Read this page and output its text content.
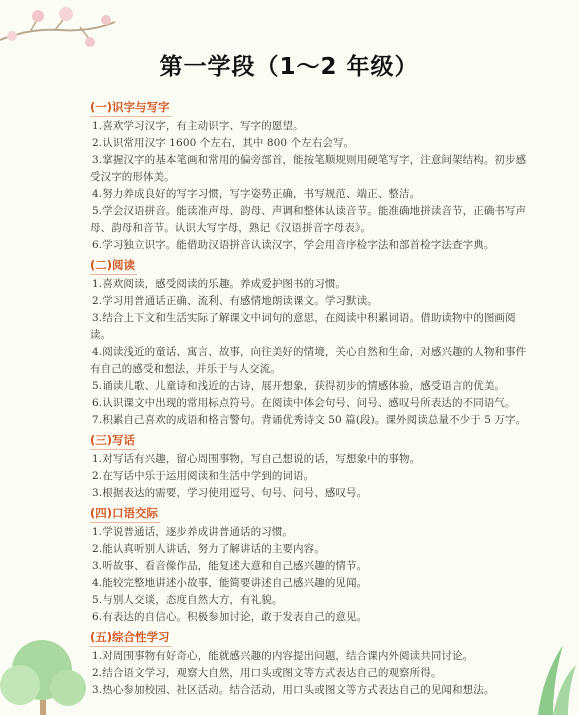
第一学段（1～2 年级）
(一)识字与写字

1.喜欢学习汉字，有主动识字、写字的愿望。

2.认识常用汉字 1600 个左右，其中 800 个左右会写。

3.掌握汉字的基本笔画和常用的偏旁部首，能按笔顺规则用硬笔写字，注意间架结构。初步感受汉字的形体美。

4.努力养成良好的写字习惯，写字姿势正确，书写规范、端正、整洁。

5.学会汉语拼音。能读准声母、韵母、声调和整体认读音节。能准确地拼读音节，正确书写声母、韵母和音节。认识大写字母，熟记《汉语拼音字母表》。

6.学习独立识字。能借助汉语拼音认读汉字，学会用音序检字法和部首检字法查字典。

(二)阅读

1.喜欢阅读，感受阅读的乐趣。养成爱护图书的习惯。

2.学习用普通话正确、流利、有感情地朗读课文。学习默读。

3.结合上下文和生活实际了解课文中词句的意思，在阅读中积累词语。借助读物中的图画阅读。

4.阅读浅近的童话、寓言、故事，向往美好的情境，关心自然和生命，对感兴趣的人物和事件有自己的感受和想法，并乐于与人交流。

5.诵读儿歌、儿童诗和浅近的古诗，展开想象，获得初步的情感体验，感受语言的优美。

6.认识课文中出现的常用标点符号。在阅读中体会句号、问号、感叹号所表达的不同语气。

7.积累自己喜欢的成语和格言警句。背诵优秀诗文 50 篇(段)。课外阅读总量不少于 5 万字。

(三)写话

1.对写话有兴趣，留心周围事物，写自己想说的话，写想象中的事物。

2.在写话中乐于运用阅读和生活中学到的词语。

3.根据表达的需要，学习使用逗号、句号、问号、感叹号。

(四)口语交际

1.学说普通话，逐步养成讲普通话的习惯。

2.能认真听别人讲话，努力了解讲话的主要内容。

3.听故事、看音像作品，能复述大意和自己感兴趣的情节。

4.能较完整地讲述小故事，能简要讲述自己感兴趣的见闻。

5.与别人交谈，态度自然大方，有礼貌。

6.有表达的自信心。积极参加讨论，敢于发表自己的意见。

(五)综合性学习

1.对周围事物有好奇心，能就感兴趣的内容提出问题，结合课内外阅读共同讨论。

2.结合语文学习，观察大自然，用口头或图文等方式表达自己的观察所得。

3.热心参加校园、社区活动。结合活动，用口头或图文等方式表达自己的见闻和想法。
